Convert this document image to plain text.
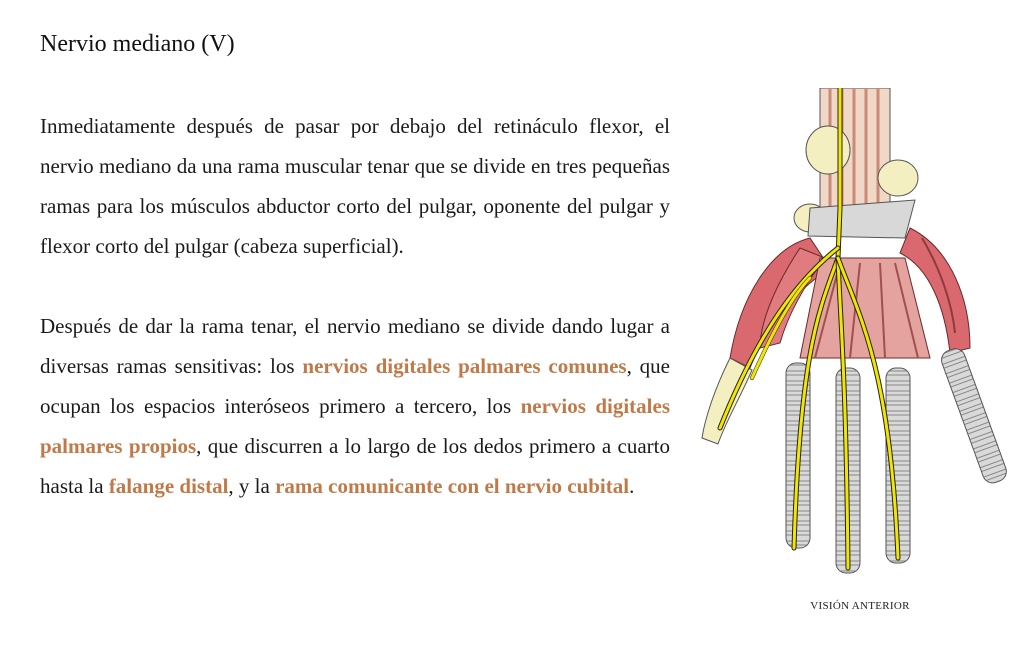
Nervio mediano (V)

Inmediatamente después de pasar por debajo del retináculo flexor, el nervio mediano da una rama muscular tenar que se divide en tres pequeñas ramas para los músculos abductor corto del pulgar, oponente del pulgar y flexor corto del pulgar (cabeza superficial).

Después de dar la rama tenar, el nervio mediano se divide dando lugar a diversas ramas sensitivas: los nervios digitales palmares comunes, que ocupan los espacios interóseos primero a tercero, los nervios digitales palmares propios, que discurren a lo largo de los dedos primero a cuarto hasta la falange distal, y la rama comunicante con el nervio cubital.

VISIÓN ANTERIOR
